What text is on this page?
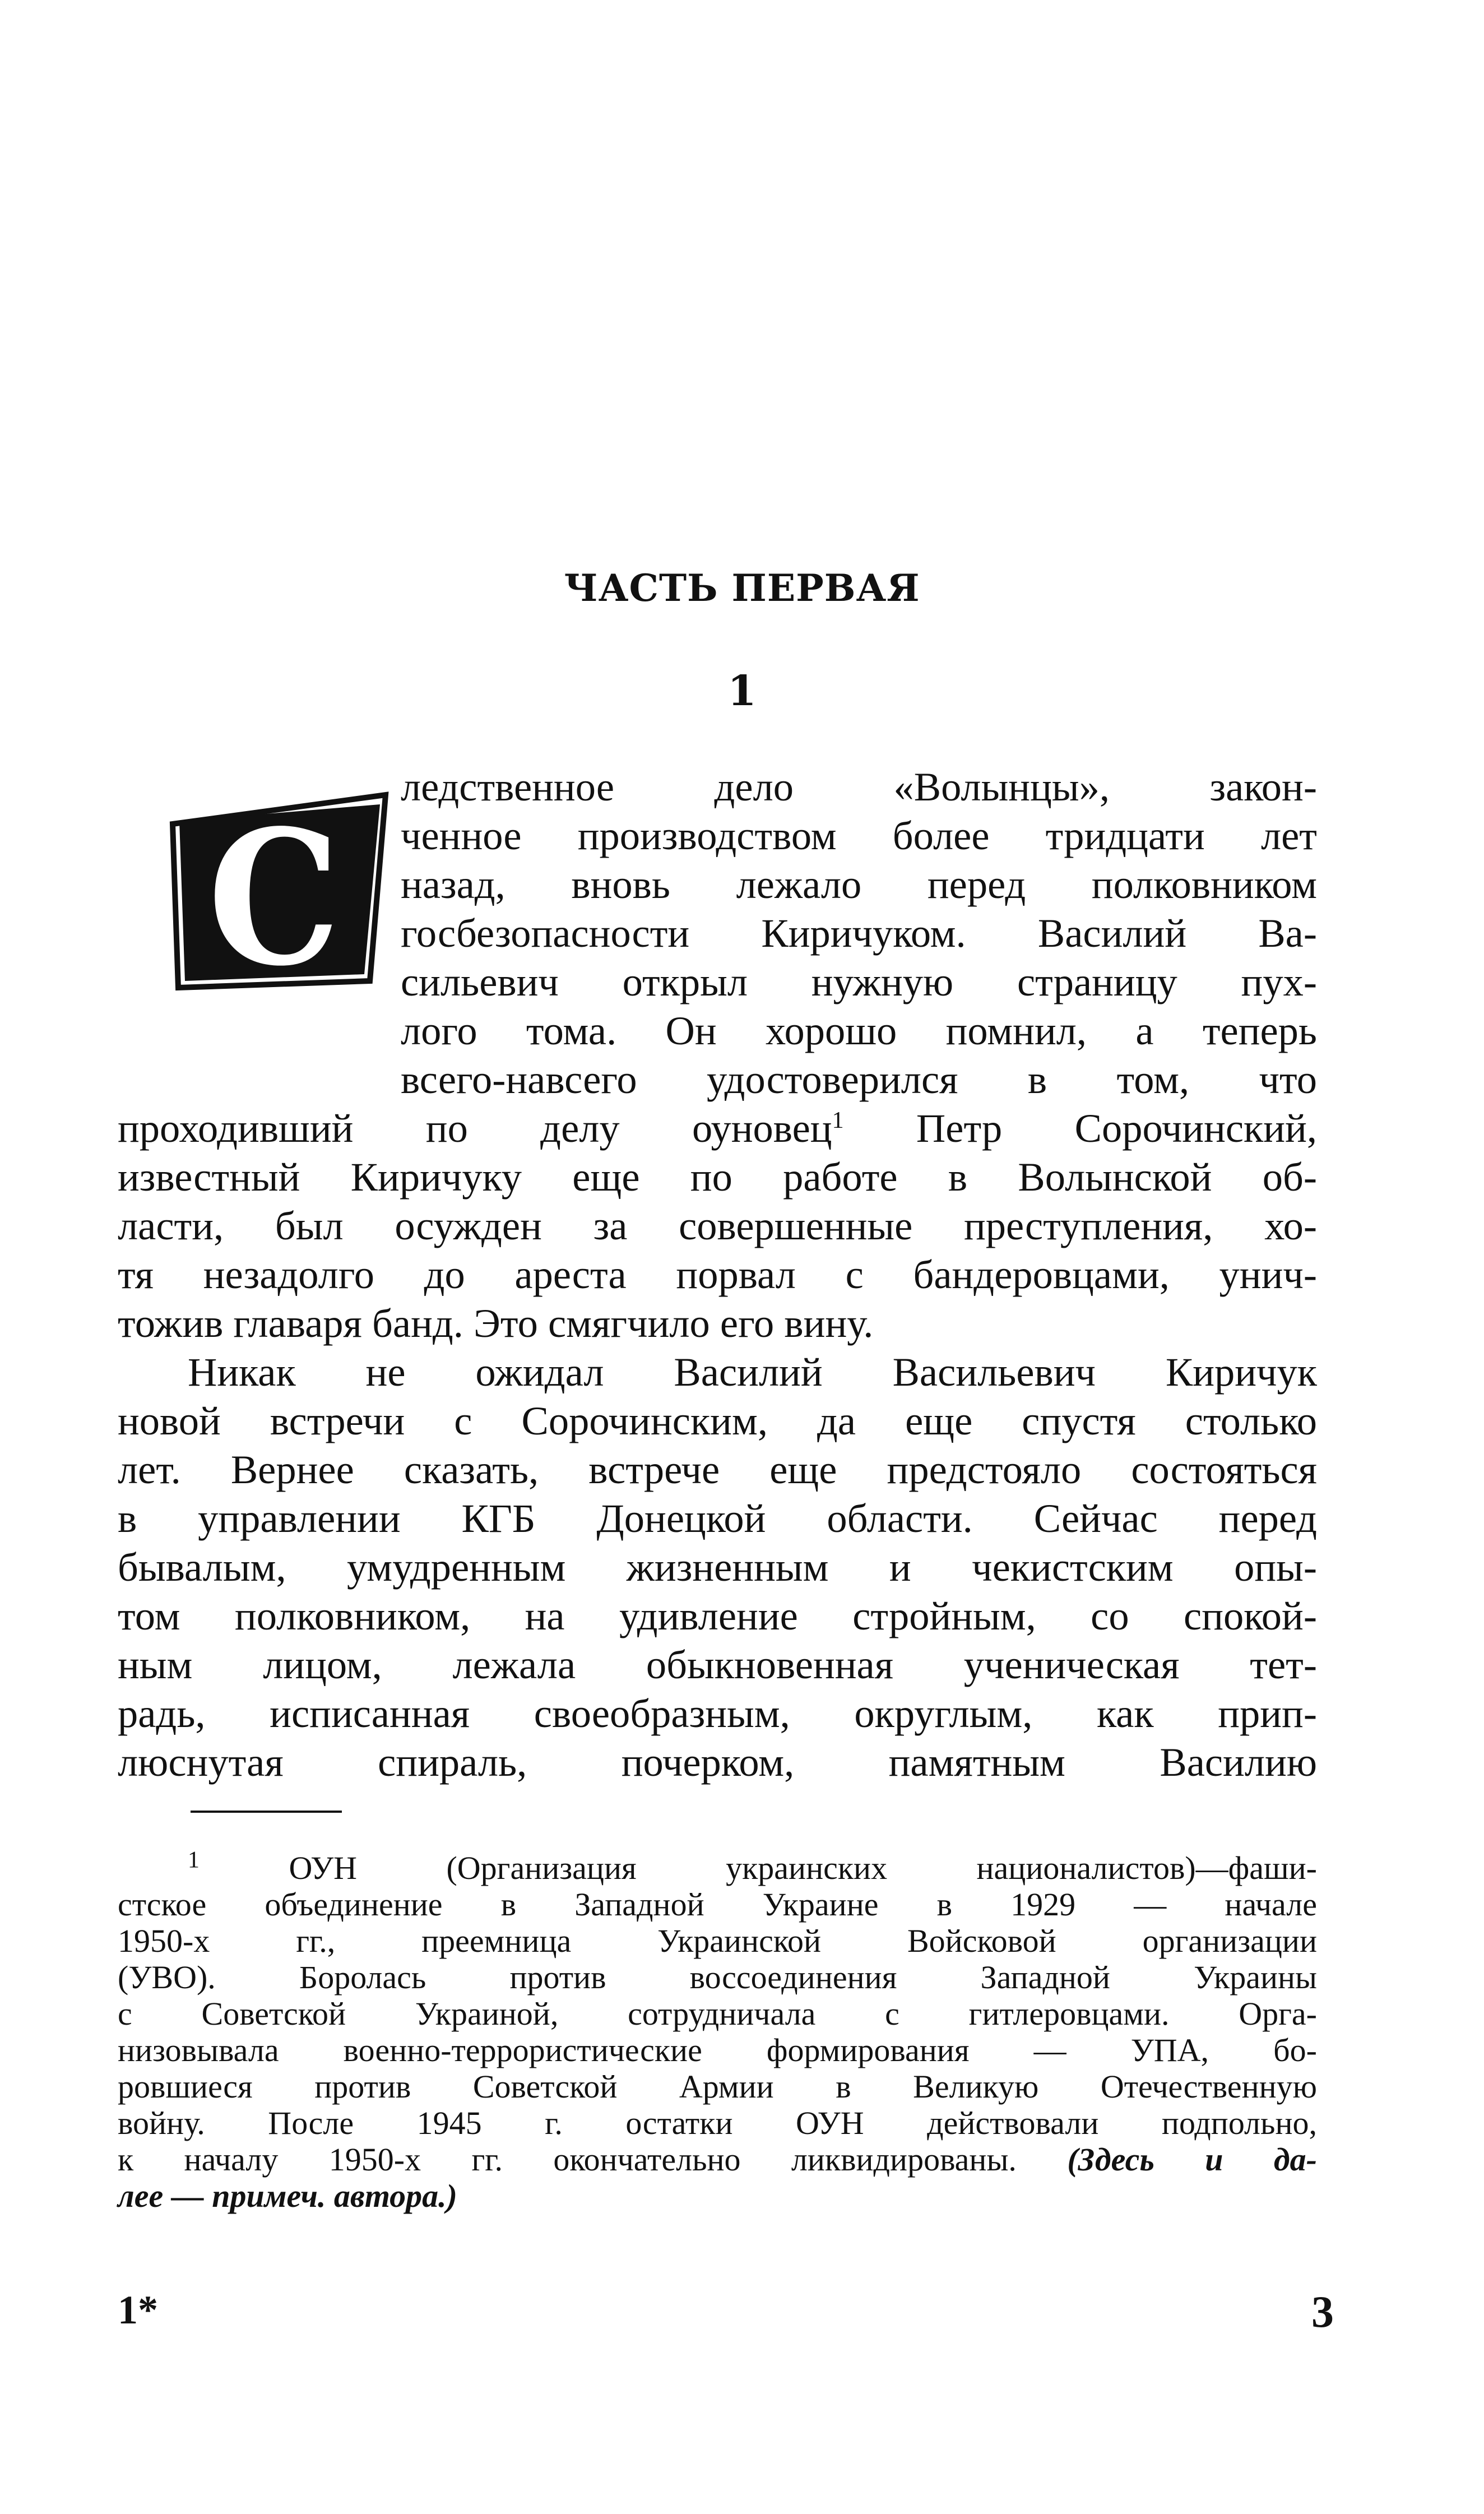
ЧАСТЬ ПЕРВАЯ
1
С
ледственное дело «Волынцы», закон-
ченное производством более тридцати лет
назад, вновь лежало перед полковником
госбезопасности Киричуком. Василий Ва-
сильевич открыл нужную страницу пух-
лого тома. Он хорошо помнил, а теперь
всего-навсего удостоверился в том, что
проходивший по делу оуновец$^1$ Петр Сорочинский,
известный Киричуку еще по работе в Волынской об-
ласти, был осужден за совершенные преступления, хо-
тя незадолго до ареста порвал с бандеровцами, унич-
тожив главаря банд. Это смягчило его вину.
Никак не ожидал Василий Васильевич Киричук
новой встречи с Сорочинским, да еще спустя столько
лет. Вернее сказать, встрече еще предстояло состояться
в управлении КГБ Донецкой области. Сейчас перед
бывалым, умудренным жизненным и чекистским опы-
том полковником, на удивление стройным, со спокой-
ным лицом, лежала обыкновенная ученическая тет-
радь, исписанная своеобразным, округлым, как прип-
люснутая спираль, почерком, памятным Василию
$^1$	ОУН (Организация украинских националистов)—фаши-
стское объединение в Западной Украине в 1929 — начале
1950-х гг., преемница Украинской Войсковой организации
(УВО). Боролась против воссоединения Западной Украины
с Советской Украиной, сотрудничала с гитлеровцами. Орга-
низовывала военно-террористические формирования — УПА, бо-
ровшиеся против Советской Армии в Великую Отечественную
войну. После 1945 г. остатки ОУН действовали подпольно,
к началу 1950-х гг. окончательно ликвидированы. (Здесь и да-
лее — примеч. автора.)
1*	3
